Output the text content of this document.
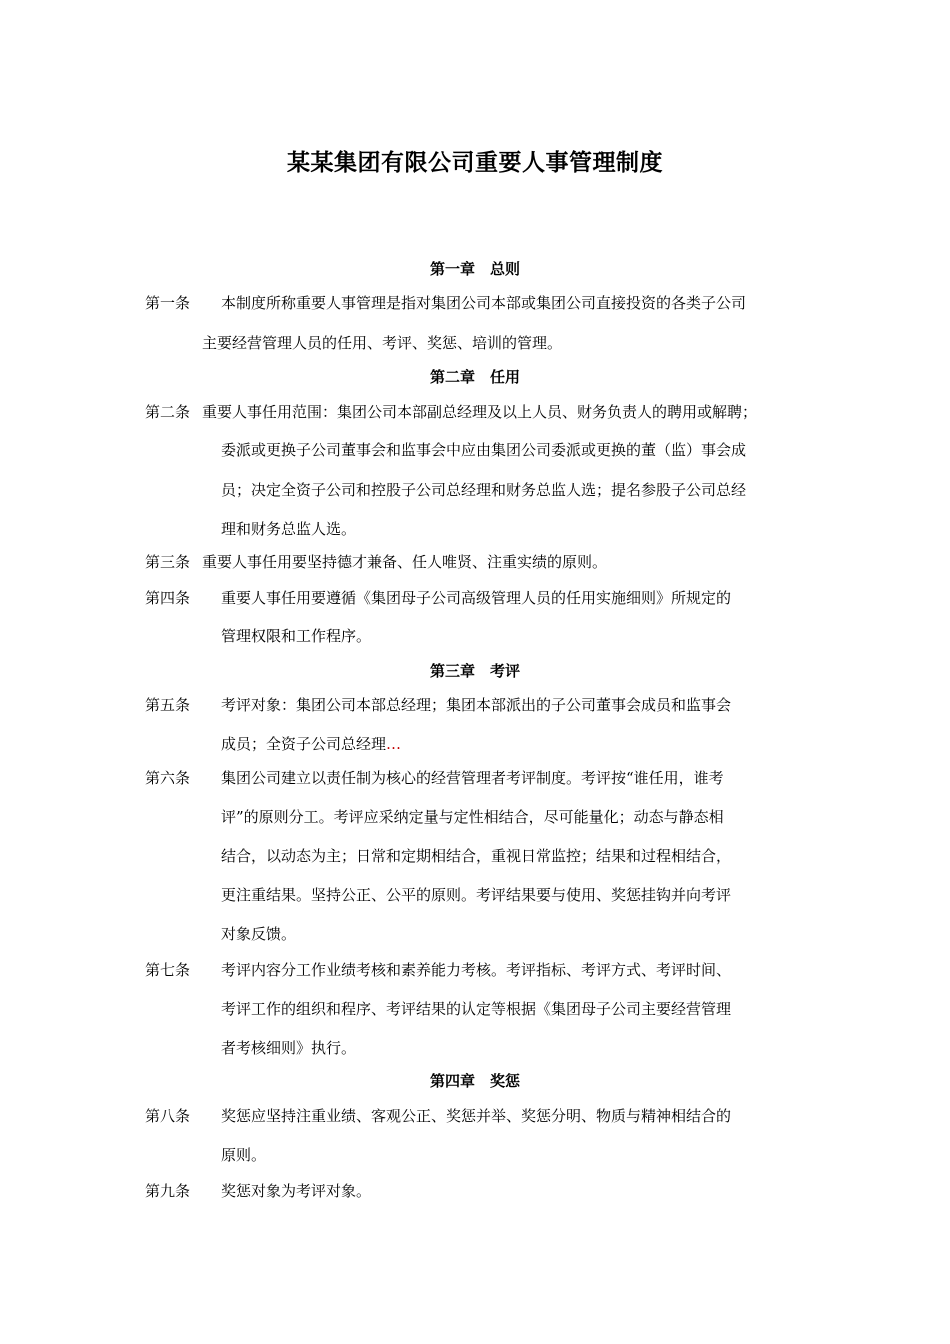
某某集团有限公司重要人事管理制度
第一章　总则
第一条 本制度所称重要人事管理是指对集团公司本部或集团公司直接投资的各类子公司
主要经营管理人员的任用、考评、奖惩、培训的管理。
第二章　任用
第二条 重要人事任用范围：集团公司本部副总经理及以上人员、财务负责人的聘用或解聘；
委派或更换子公司董事会和监事会中应由集团公司委派或更换的董（监）事会成
员；决定全资子公司和控股子公司总经理和财务总监人选；提名参股子公司总经
理和财务总监人选。
第三条 重要人事任用要坚持德才兼备、任人唯贤、注重实绩的原则。
第四条 重要人事任用要遵循《集团母子公司高级管理人员的任用实施细则》所规定的
管理权限和工作程序。
第三章　考评
第五条 考评对象：集团公司本部总经理；集团本部派出的子公司董事会成员和监事会
成员；全资子公司总经理…
第六条 集团公司建立以责任制为核心的经营管理者考评制度。考评按“谁任用，谁考
评”的原则分工。考评应采纳定量与定性相结合，尽可能量化；动态与静态相
结合，以动态为主；日常和定期相结合，重视日常监控；结果和过程相结合，
更注重结果。坚持公正、公平的原则。考评结果要与使用、奖惩挂钩并向考评
对象反馈。
第七条 考评内容分工作业绩考核和素养能力考核。考评指标、考评方式、考评时间、
考评工作的组织和程序、考评结果的认定等根据《集团母子公司主要经营管理
者考核细则》执行。
第四章　奖惩
第八条 奖惩应坚持注重业绩、客观公正、奖惩并举、奖惩分明、物质与精神相结合的
原则。
第九条 奖惩对象为考评对象。
